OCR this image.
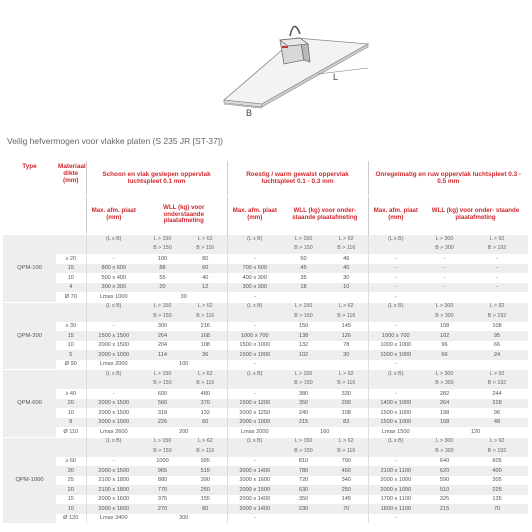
L
B
Veilig hefvermogen voor vlakke platen (S 235 JR [ST-37])
Type	Materiaal dikte (mm)	Schoon en vlak geslepen oppervlak luchtspleet 0.1 mm			Roestig / warm gewalst oppervlak luchtspleet 0.1 - 0.3 mm			Onregelmatig en ruw oppervlak luchtspleet 0.3 - 0.5 mm		
		Max. afm. plaat (mm)	WLL (kg) voor onderstaande plaatafmeting		Max. afm. plaat (mm)	WLL (kg) voor onder- staande plaatafmeting		Max. afm. plaat (mm)	WLL (kg) voor onder- staande plaatafmeting	
QPM-100		(L x B)	L > 150	L > 62	(L x B)	L > 150	L > 62	(L x B)	L > 300	L > 92
			B > 150	B > 116		B > 150	B > 116		B > 300	B > 192
	≥ 20	-	100	80	-	50	46	-	-	-
	15	800 x 600	88	60	700 x 500	45	40	-	-	-
	10	500 x 400	55	40	400 x 300	35	30	-	-	-
	4	300 x 300	20	12	300 x 300	18	10	-	-	-
	Ø 70	Lmax 1000	30		-			-		
QPM-300		(L x B)	L > 150	L > 62	(L x B)	L > 150	L > 62	(L x B)	L > 300	L > 92
			B > 150	B > 116		B > 150	B > 116		B > 300	B > 192
	≥ 30	-	300	216	-	150	145	-	108	108
	15	1500 x 1500	264	168	1000 x 700	138	126	1000 x 700	102	95
	10	2000 x 1500	204	108	1500 x 1000	132	78	1000 x 1000	96	66
	5	2000 x 1000	114	36	1500 x 1000	102	30	1000 x 1000	66	24
	Ø 90	Lmax 2000	100		-			-		
QPM-600		(L x B)	L > 150	L > 62	(L x B)	L > 150	L > 62	(L x B)	L > 300	L > 92
			B > 150	B > 116		B > 150	B > 116		B > 300	B > 192
	≥ 40	-	600	480	-	380	330	-	282	244
	20	2000 x 1500	560	370	1500 x 1200	350	290	1400 x 1000	264	228
	10	2000 x 1500	318	132	2000 x 1250	240	108	1500 x 1000	198	96
	8	2000 x 1000	226	60	2000 x 1000	215	83	1500 x 1000	168	48
	Ø 110	Lmax 2600	200		Lmax 2000	160		Lmax 1500	120	
QPM-1000		(L x B)	L > 150	L > 62	(L x B)	L > 150	L > 62	(L x B)	L > 300	L > 92
			B > 150	B > 116		B > 150	B > 116		B > 300	B > 192
	≥ 60	-	1000	995	-	810	790	-	640	605
	30	2000 x 1500	965	515	2000 x 1400	780	450	2100 x 1100	620	400
	25	2100 x 1800	880	390	2000 x 1600	720	340	2000 x 1000	590	305
	20	2100 x 1800	770	250	2000 x 1500	630	250	2000 x 1000	510	225
	15	2000 x 1600	375	155	2000 x 1400	350	145	1700 x 1100	325	135
	10	2000 x 1600	270	80	2000 x 1400	230	70	1600 x 1100	215	70
	Ø 120	Lmax 3400	300		-			-		
